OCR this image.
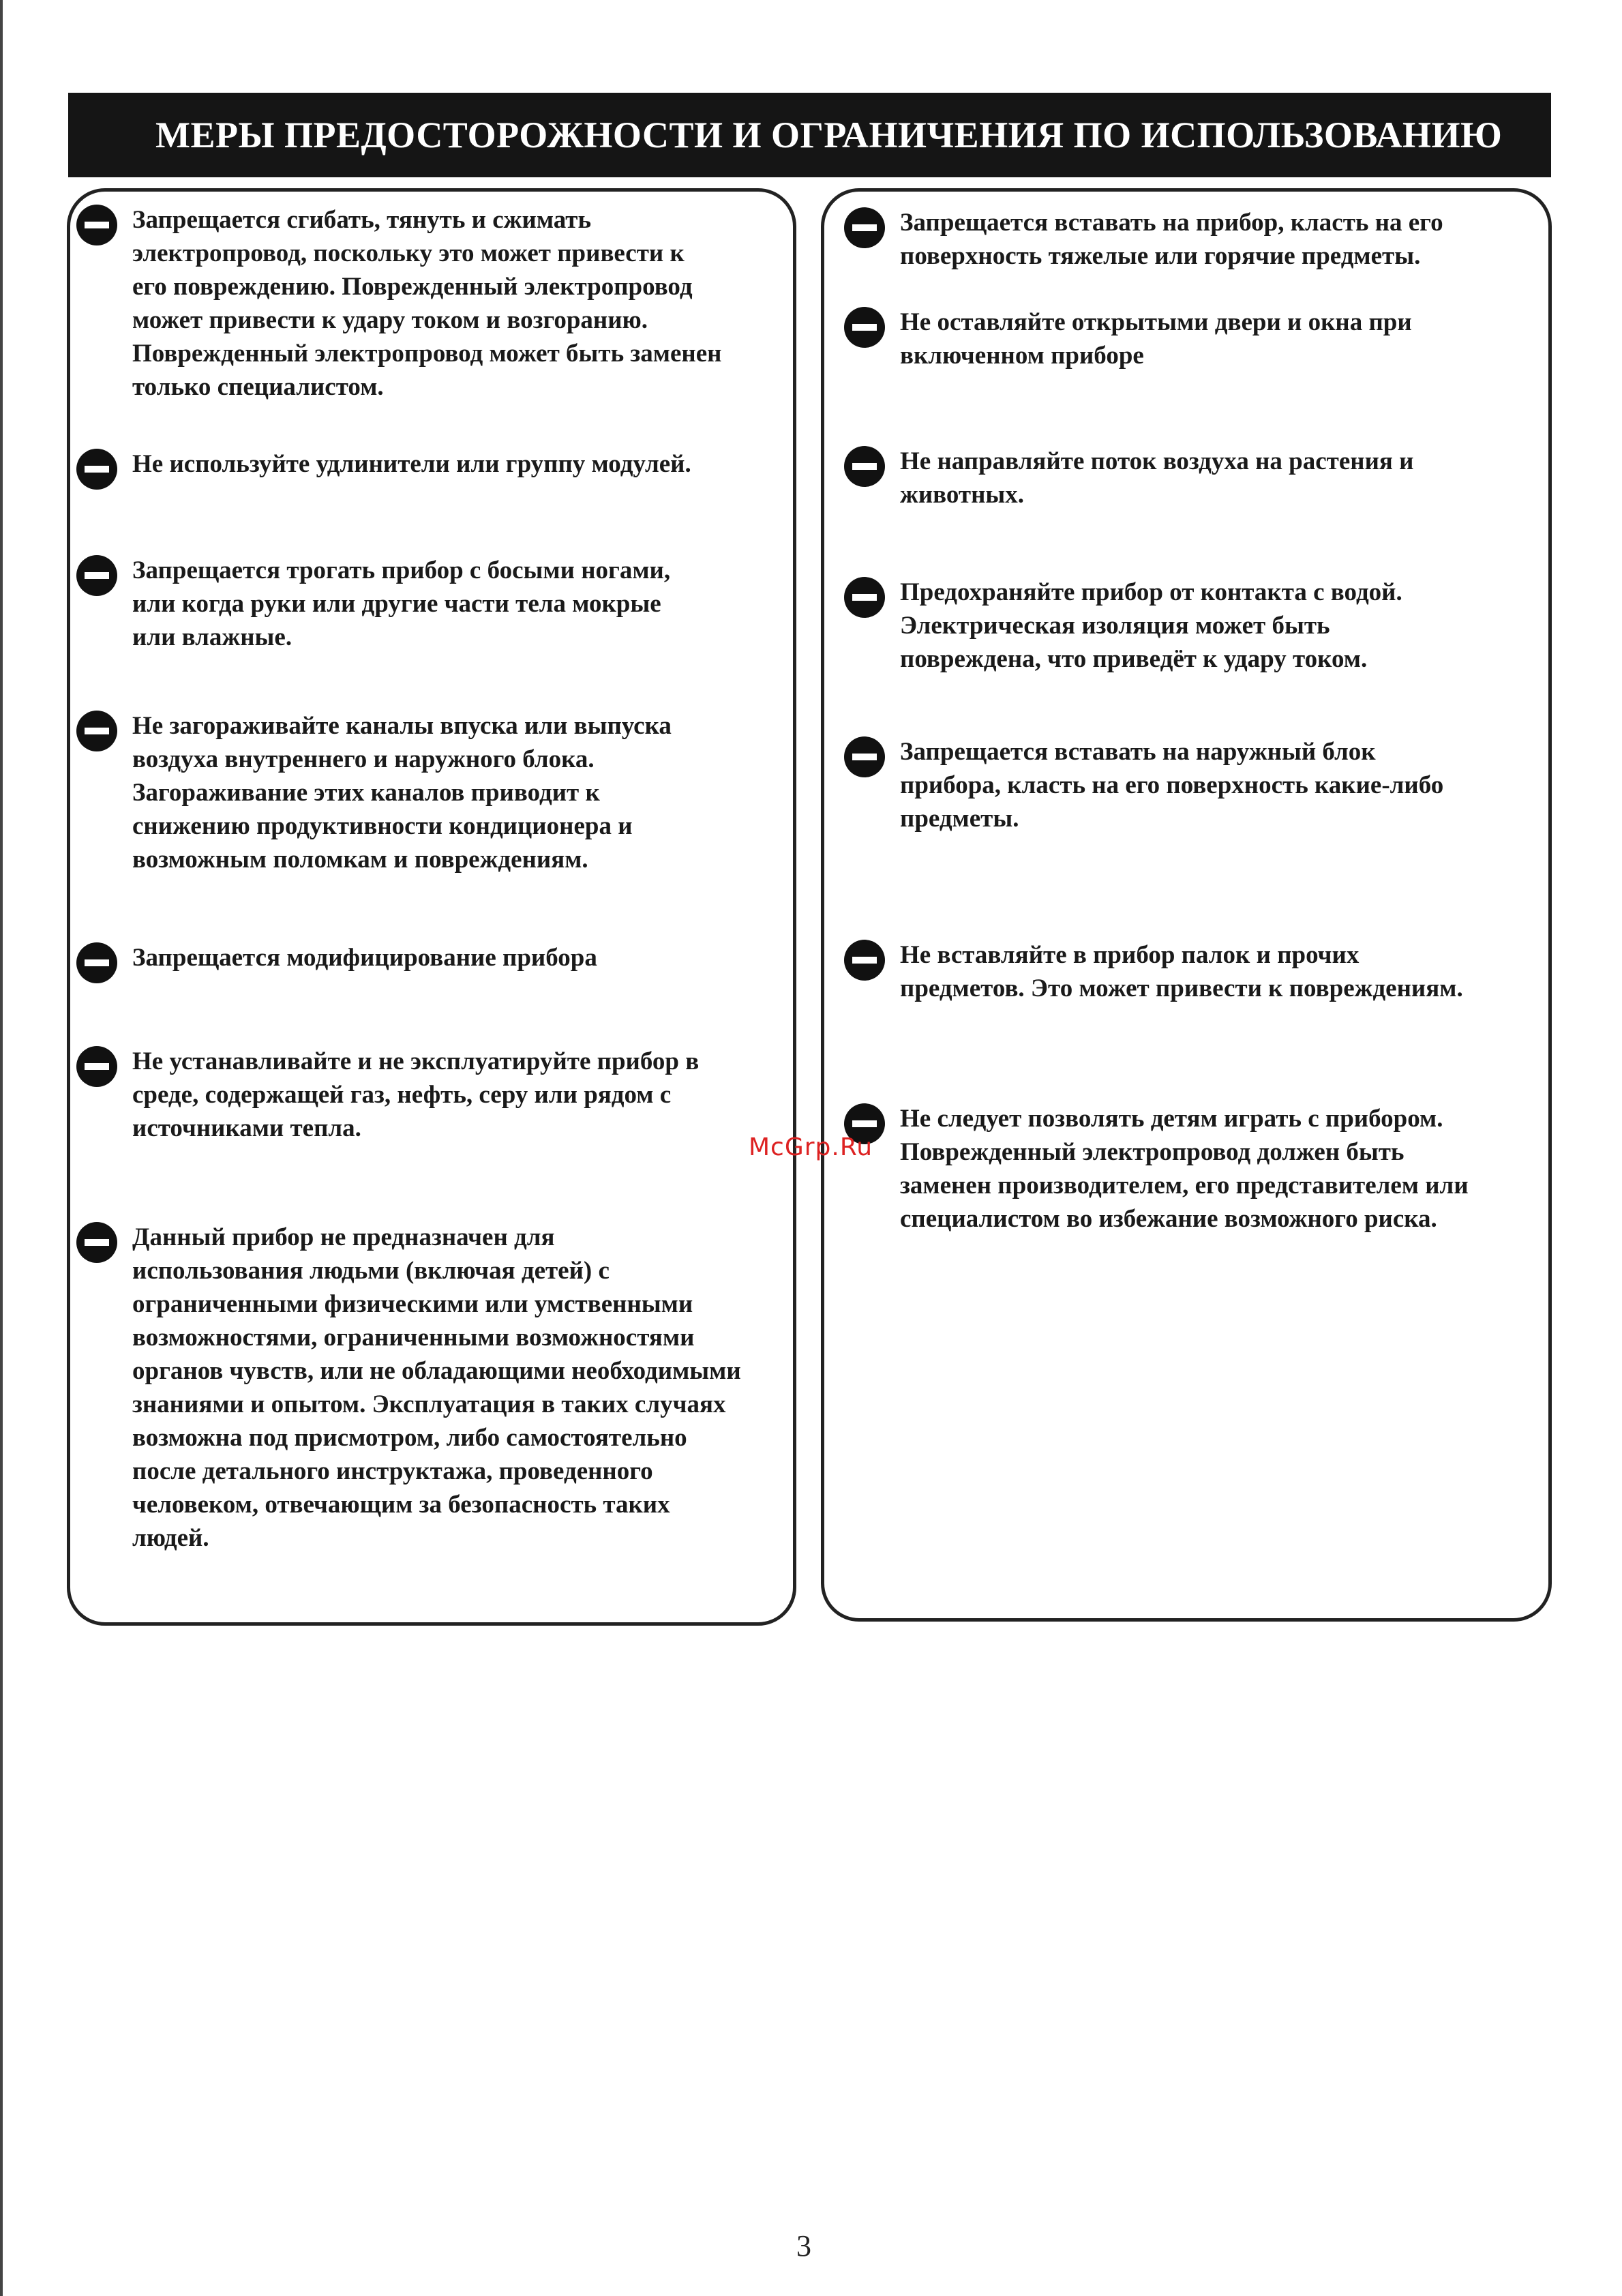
МЕРЫ ПРЕДОСТОРОЖНОСТИ И ОГРАНИЧЕНИЯ ПО ИСПОЛЬЗОВАНИЮ
Запрещается сгибать, тянуть и сжимать
электропровод, поскольку это может привести к
его повреждению. Поврежденный электропровод
может привести к удару током и возгоранию.
Поврежденный электропровод может быть заменен
только специалистом.
Не используйте удлинители или группу модулей.
Запрещается трогать прибор с босыми ногами,
или когда руки или другие части тела мокрые
или влажные.
Не загораживайте каналы впуска или выпуска
воздуха внутреннего и наружного блока.
Загораживание этих каналов приводит к
снижению продуктивности кондиционера и
возможным поломкам и повреждениям.
Запрещается модифицирование прибора
Не устанавливайте и не эксплуатируйте прибор в
среде, содержащей газ, нефть, серу или рядом с
источниками тепла.
Данный прибор не предназначен для
использования людьми (включая детей) с
ограниченными физическими или умственными
возможностями, ограниченными возможностями
органов чувств, или не обладающими необходимыми
знаниями и опытом. Эксплуатация в таких случаях
возможна под присмотром, либо самостоятельно
после детального инструктажа, проведенного
человеком, отвечающим за безопасность таких
людей.
Запрещается вставать на прибор, класть на его
поверхность тяжелые или горячие предметы.
Не оставляйте открытыми двери и окна при
включенном приборе
Не направляйте поток воздуха на растения и
животных.
Предохраняйте прибор от контакта с водой.
Электрическая изоляция может быть
повреждена, что приведёт к удару током.
Запрещается вставать на наружный блок
прибора, класть на его поверхность какие-либо
предметы.
Не вставляйте в прибор палок и прочих
предметов. Это может привести к повреждениям.
Не следует позволять детям играть с прибором.
Поврежденный электропровод должен быть
заменен производителем, его представителем или
специалистом во избежание возможного риска.
McGrp.Ru
3
